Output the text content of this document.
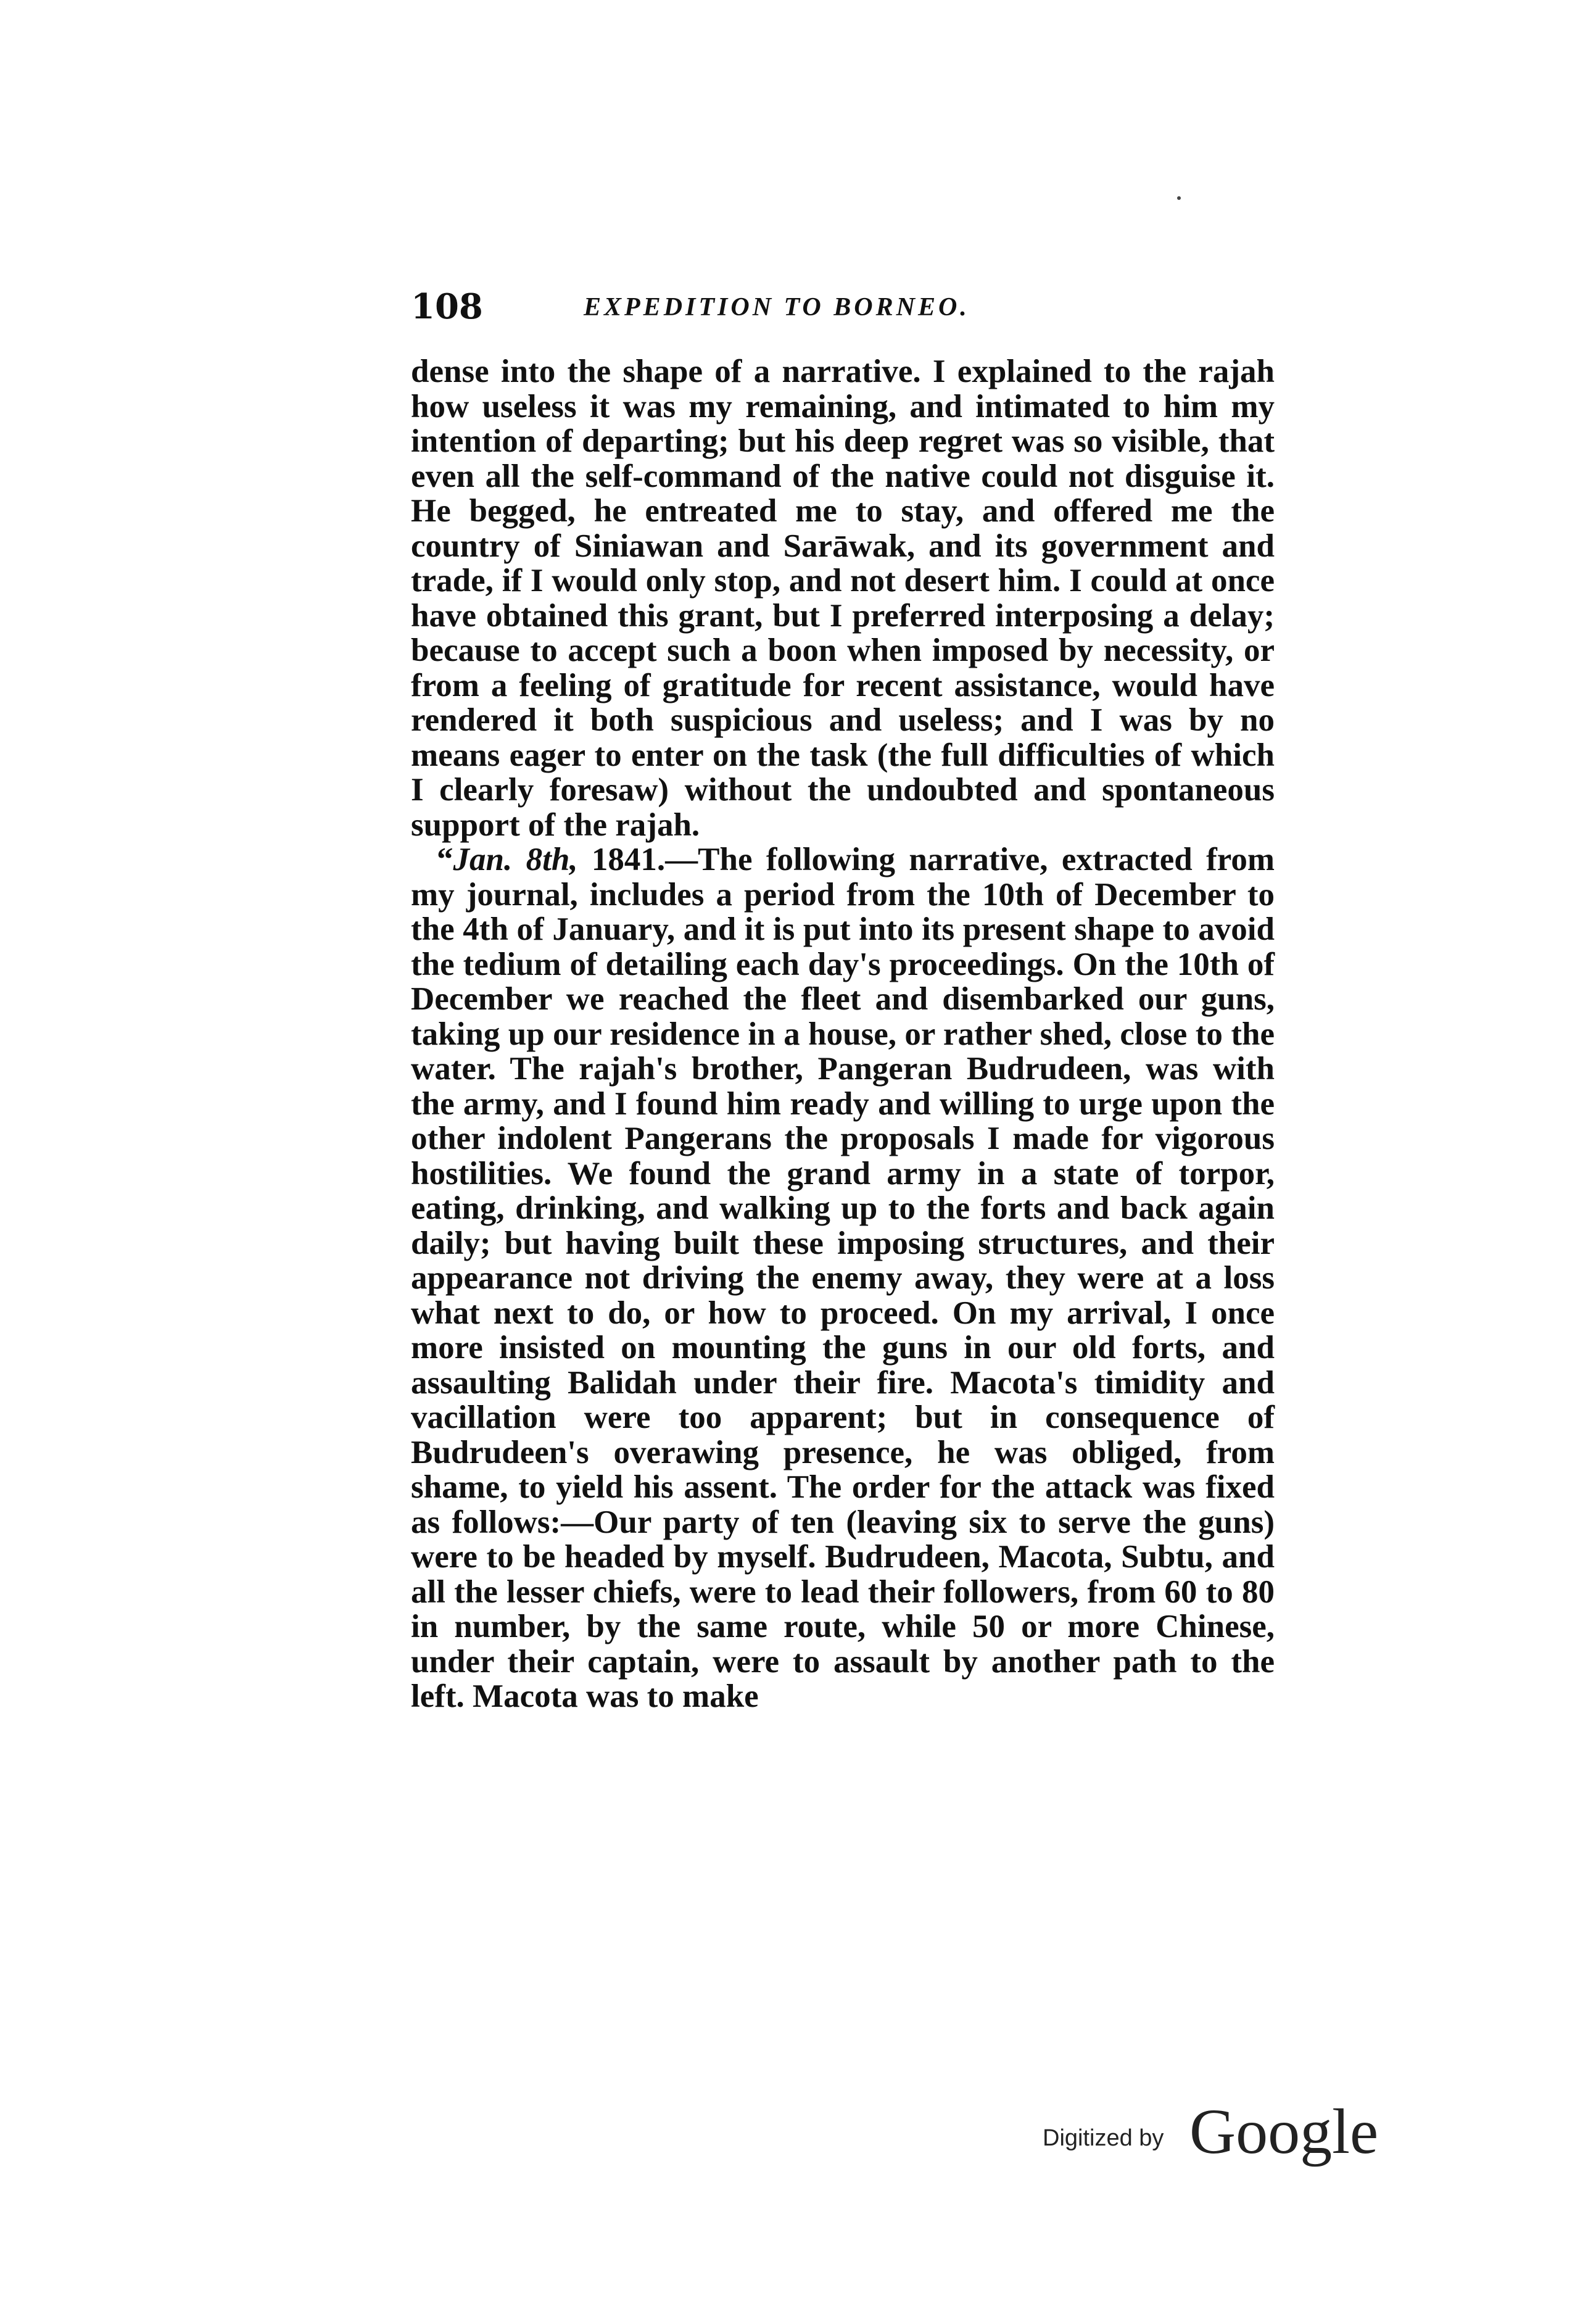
108	EXPEDITION TO BORNEO.

dense into the shape of a narrative. I explained to the rajah how useless it was my remaining, and intimated to him my intention of departing; but his deep regret was so visible, that even all the self-command of the native could not disguise it. He begged, he entreated me to stay, and offered me the country of Siniawan and Sarāwak, and its government and trade, if I would only stop, and not desert him. I could at once have obtained this grant, but I preferred interposing a delay; because to accept such a boon when imposed by necessity, or from a feeling of gratitude for recent assistance, would have rendered it both suspicious and useless; and I was by no means eager to enter on the task (the full difficulties of which I clearly foresaw) without the undoubted and spontaneous support of the rajah.

“Jan. 8th, 1841.—The following narrative, extracted from my journal, includes a period from the 10th of December to the 4th of January, and it is put into its present shape to avoid the tedium of detailing each day's proceedings. On the 10th of December we reached the fleet and disembarked our guns, taking up our residence in a house, or rather shed, close to the water. The rajah's brother, Pangeran Budrudeen, was with the army, and I found him ready and willing to urge upon the other indolent Pangerans the proposals I made for vigorous hostilities. We found the grand army in a state of torpor, eating, drinking, and walking up to the forts and back again daily; but having built these imposing structures, and their appearance not driving the enemy away, they were at a loss what next to do, or how to proceed. On my arrival, I once more insisted on mounting the guns in our old forts, and assaulting Balidah under their fire. Macota's timidity and vacillation were too apparent; but in consequence of Budrudeen's overawing presence, he was obliged, from shame, to yield his assent. The order for the attack was fixed as follows:—Our party of ten (leaving six to serve the guns) were to be headed by myself. Budrudeen, Macota, Subtu, and all the lesser chiefs, were to lead their followers, from 60 to 80 in number, by the same route, while 50 or more Chinese, under their captain, were to assault by another path to the left. Macota was to make

Digitized by Google
